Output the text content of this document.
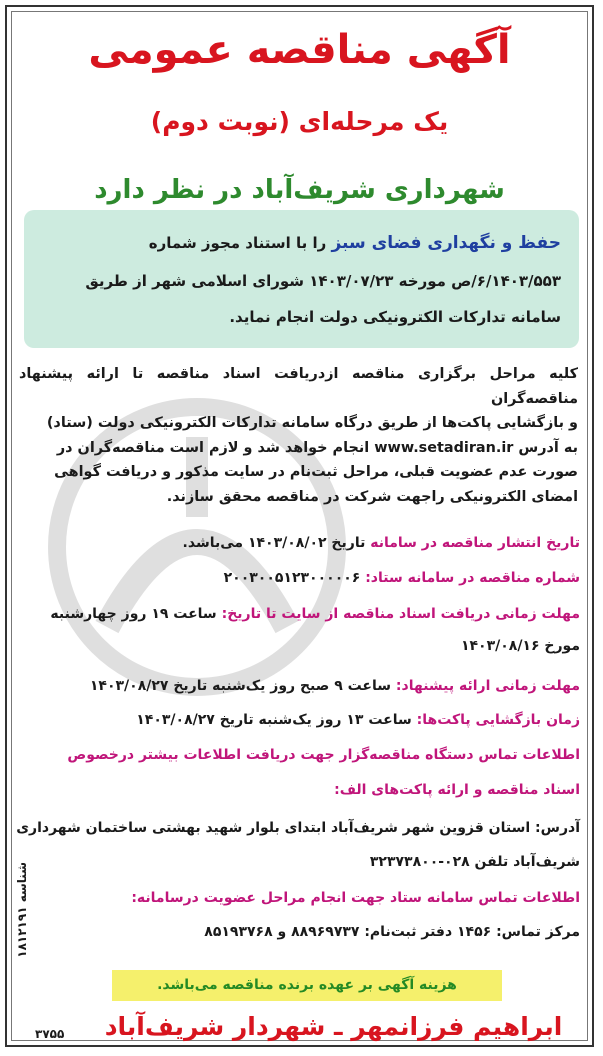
آگهی مناقصه عمومی
یک مرحله‌ای (نوبت دوم)
شهرداری شریف‌آباد در نظر دارد

حفظ و نگهداری فضای سبز را با استناد مجوز شماره

۶/۱۴۰۳/۵۵۳/ص مورخه ۱۴۰۳/۰۷/۲۳ شورای اسلامی شهر از طریق

سامانه تدارکات الکترونیکی دولت انجام نماید.

کلیه مراحل برگزاری مناقصه ازدریافت اسناد مناقصه تا ارائه پیشنهاد مناقصه‌گران
و بازگشایی پاکت‌ها از طریق درگاه سامانه تدارکات الکترونیکی دولت (ستاد)
به آدرس www.setadiran.ir انجام خواهد شد و لازم است مناقصه‌گران در
صورت عدم عضویت قبلی، مراحل ثبت‌نام در سایت مذکور و دریافت گواهی
امضای الکترونیکی راجهت شرکت در مناقصه محقق سازند.
تاریخ انتشار مناقصه در سامانه تاریخ ۱۴۰۳/۰۸/۰۲ می‌باشد.
شماره مناقصه در سامانه ستاد: ۲۰۰۳۰۰۵۱۲۳۰۰۰۰۰۶
مهلت زمانی دریافت اسناد مناقصه از سایت تا تاریخ: ساعت ۱۹ روز چهارشنبه
مورخ ۱۴۰۳/۰۸/۱۶
مهلت زمانی ارائه پیشنهاد: ساعت ۹ صبح روز یک‌شنبه تاریخ ۱۴۰۳/۰۸/۲۷
زمان بازگشایی پاکت‌ها: ساعت ۱۳ روز یک‌شنبه تاریخ ۱۴۰۳/۰۸/۲۷
اطلاعات تماس دستگاه مناقصه‌گزار جهت دریافت اطلاعات بیشتر درخصوص
اسناد مناقصه و ارائه پاکت‌های الف:
آدرس: استان قزوین شهر شریف‌آباد ابتدای بلوار شهید بهشتی ساختمان شهرداری
شریف‌آباد تلفن ۰۲۸-۳۲۳۷۳۸۰۰
اطلاعات تماس سامانه ستاد جهت انجام مراحل عضویت درسامانه:
مرکز تماس: ۱۴۵۶ دفتر ثبت‌نام: ۸۸۹۶۹۷۳۷ و ۸۵۱۹۳۷۶۸
شناسه ۱۸۱۲۱۹۱
هزینه آگهی بر عهده برنده مناقصه می‌باشد.
ابراهیم فرزانمهر ـ شهردار شریف‌آباد
۳۷۵۵
